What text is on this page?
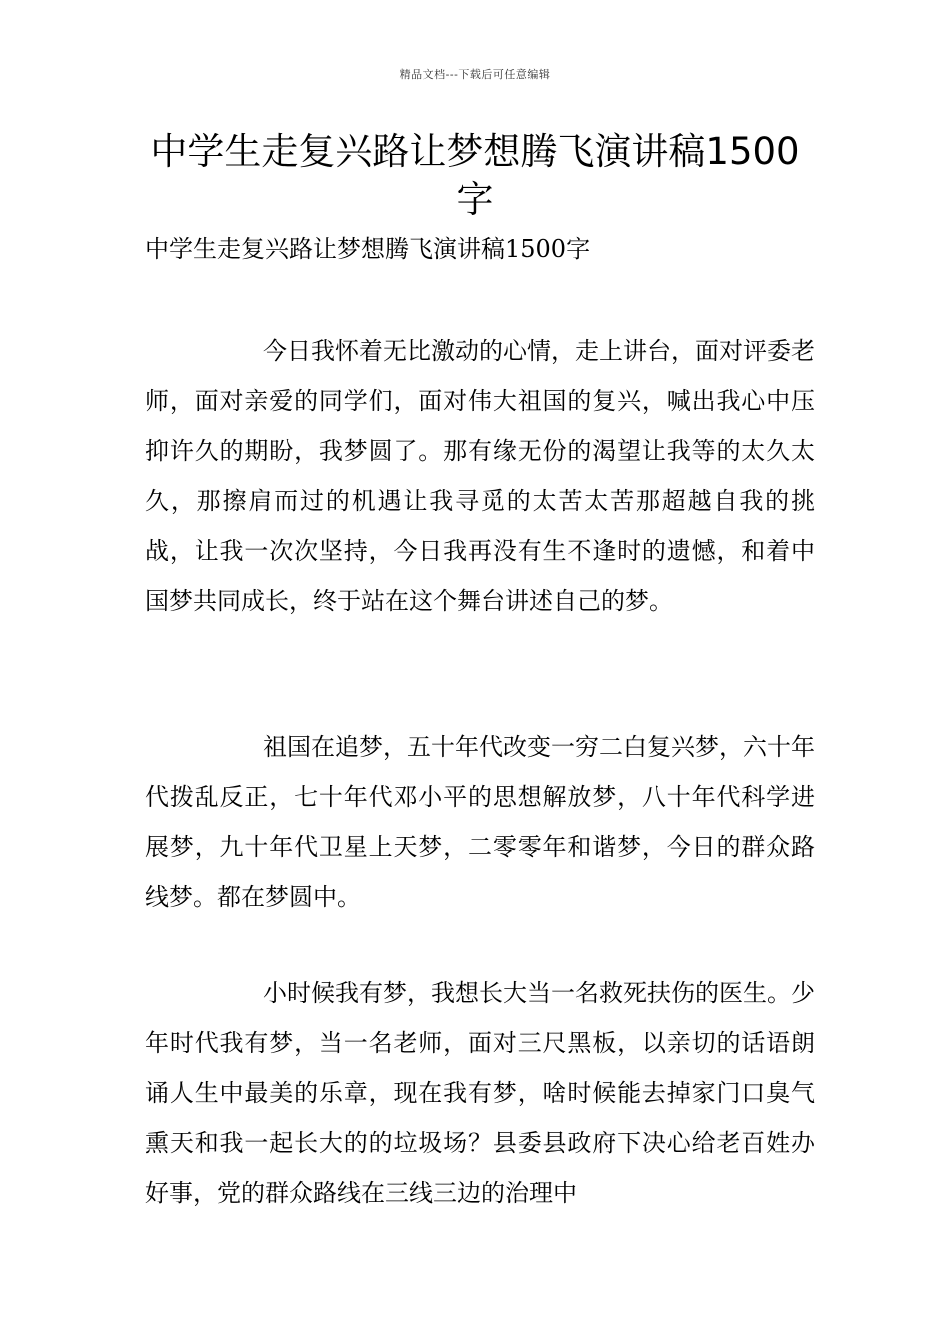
精品文档---下载后可任意编辑
中学生走复兴路让梦想腾飞演讲稿1500字

中学生走复兴路让梦想腾飞演讲稿1500字

今日我怀着无比激动的心情，走上讲台，面对评委老师，面对亲爱的同学们，面对伟大祖国的复兴，喊出我心中压抑许久的期盼，我梦圆了。那有缘无份的渴望让我等的太久太久，那擦肩而过的机遇让我寻觅的太苦太苦那超越自我的挑战，让我一次次坚持，今日我再没有生不逢时的遗憾，和着中国梦共同成长，终于站在这个舞台讲述自己的梦。

祖国在追梦，五十年代改变一穷二白复兴梦，六十年代拨乱反正，七十年代邓小平的思想解放梦，八十年代科学进展梦，九十年代卫星上天梦，二零零年和谐梦，今日的群众路线梦。都在梦圆中。

小时候我有梦，我想长大当一名救死扶伤的医生。少年时代我有梦，当一名老师，面对三尺黑板，以亲切的话语朗诵人生中最美的乐章，现在我有梦，啥时候能去掉家门口臭气熏天和我一起长大的的垃圾场？县委县政府下决心给老百姓办好事，党的群众路线在三线三边的治理中
